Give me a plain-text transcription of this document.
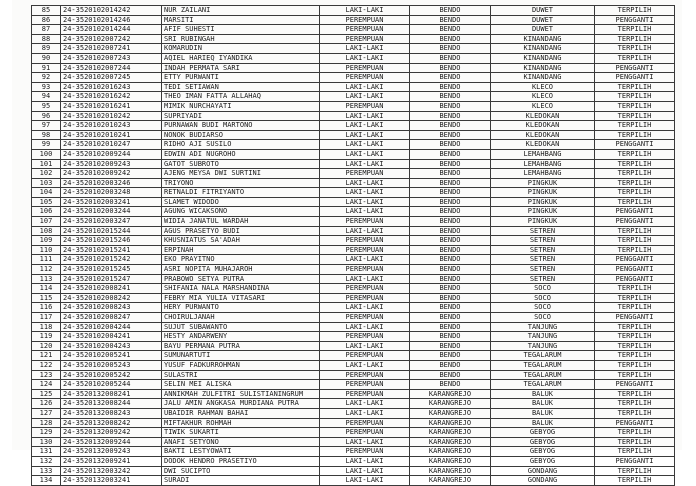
85	24-3520102014242	NUR ZAILANI	LAKI-LAKI	BENDO	DUWET	TERPILIH
86	24-3520102014246	MARSITI	PEREMPUAN	BENDO	DUWET	PENGGANTI
87	24-3520102014244	AFIF SUHESTI	PEREMPUAN	BENDO	DUWET	TERPILIH
88	24-3520102007242	SRI RUBINGAH	PEREMPUAN	BENDO	KINANDANG	TERPILIH
89	24-3520102007241	KOMARUDIN	LAKI-LAKI	BENDO	KINANDANG	TERPILIH
90	24-3520102007243	AQIEL HARIEQ IYANDIKA	LAKI-LAKI	BENDO	KINANDANG	TERPILIH
91	24-3520102007244	INDAH PERMATA SARI	PEREMPUAN	BENDO	KINANDANG	PENGGANTI
92	24-3520102007245	ETTY PURWANTI	PEREMPUAN	BENDO	KINANDANG	PENGGANTI
93	24-3520102016243	TEDI SETIAWAN	LAKI-LAKI	BENDO	KLECO	TERPILIH
94	24-3520102016242	THEO IMAN FATTA ALLAHAQ	LAKI-LAKI	BENDO	KLECO	TERPILIH
95	24-3520102016241	MIMIK NURCHAYATI	PEREMPUAN	BENDO	KLECO	TERPILIH
96	24-3520102010242	SUPRIYADI	LAKI-LAKI	BENDO	KLEDOKAN	TERPILIH
97	24-3520102010243	PURNAWAN BUDI MARTONO	LAKI-LAKI	BENDO	KLEDOKAN	TERPILIH
98	24-3520102010241	NONOK BUDIARSO	LAKI-LAKI	BENDO	KLEDOKAN	TERPILIH
99	24-3520102010247	RIDHO AJI SUSILO	LAKI-LAKI	BENDO	KLEDOKAN	PENGGANTI
100	24-3520102009244	EDWIN ADI NUGROHO	LAKI-LAKI	BENDO	LEMAHBANG	TERPILIH
101	24-3520102009243	GATOT SUBROTO	LAKI-LAKI	BENDO	LEMAHBANG	TERPILIH
102	24-3520102009242	AJENG MEYSA DWI SURTINI	PEREMPUAN	BENDO	LEMAHBANG	TERPILIH
103	24-3520102003246	TRIYONO	LAKI-LAKI	BENDO	PINGKUK	TERPILIH
104	24-3520102003248	RETNALDI FITRIYANTO	LAKI-LAKI	BENDO	PINGKUK	TERPILIH
105	24-3520102003241	SLAMET WIDODO	LAKI-LAKI	BENDO	PINGKUK	TERPILIH
106	24-3520102003244	AGUNG WICAKSONO	LAKI-LAKI	BENDO	PINGKUK	PENGGANTI
107	24-3520102003247	WIDIA JANATUL WARDAH	PEREMPUAN	BENDO	PINGKUK	PENGGANTI
108	24-3520102015244	AGUS PRASETYO BUDI	LAKI-LAKI	BENDO	SETREN	TERPILIH
109	24-3520102015246	KHUSNIATUS SA'ADAH	PEREMPUAN	BENDO	SETREN	TERPILIH
110	24-3520102015241	ERPINAH	PEREMPUAN	BENDO	SETREN	TERPILIH
111	24-3520102015242	EKO PRAYITNO	LAKI-LAKI	BENDO	SETREN	PENGGANTI
112	24-3520102015245	ASRI NOPITA MUHAJAROH	PEREMPUAN	BENDO	SETREN	PENGGANTI
113	24-3520102015247	PRABOWO SETYA PUTRA	LAKI-LAKI	BENDO	SETREN	PENGGANTI
114	24-3520102008241	SHIFANIA NALA MARSHANDINA	PEREMPUAN	BENDO	SOCO	TERPILIH
115	24-3520102008242	FEBRY MIA YULIA VITASARI	PEREMPUAN	BENDO	SOCO	TERPILIH
116	24-3520102008243	HERY PURWANTO	LAKI-LAKI	BENDO	SOCO	TERPILIH
117	24-3520102008247	CHOIRULJANAH	PEREMPUAN	BENDO	SOCO	PENGGANTI
118	24-3520102004244	SUJUT SUBAWANTO	LAKI-LAKI	BENDO	TANJUNG	TERPILIH
119	24-3520102004241	HESTY ANDARWENY	PEREMPUAN	BENDO	TANJUNG	TERPILIH
120	24-3520102004243	BAYU PERMANA PUTRA	LAKI-LAKI	BENDO	TANJUNG	TERPILIH
121	24-3520102005241	SUMUNARTUTI	PEREMPUAN	BENDO	TEGALARUM	TERPILIH
122	24-3520102005243	YUSUF FADKURROHMAN	LAKI-LAKI	BENDO	TEGALARUM	TERPILIH
123	24-3520102005242	SULASTRI	PEREMPUAN	BENDO	TEGALARUM	TERPILIH
124	24-3520102005244	SELIN MEI ALISKA	PEREMPUAN	BENDO	TEGALARUM	PENGGANTI
125	24-3520132008241	ANNIKMAH ZULFITRI SULISTIANINGRUM	PEREMPUAN	KARANGREJO	BALUK	TERPILIH
126	24-3520132008244	JALU AMIN ANGKASA MURDIANA PUTRA	LAKI-LAKI	KARANGREJO	BALUK	TERPILIH
127	24-3520132008243	UBAIDIR RAHMAN BAHAI	LAKI-LAKI	KARANGREJO	BALUK	TERPILIH
128	24-3520132008242	MIFTAKHUR ROHMAH	PEREMPUAN	KARANGREJO	BALUK	PENGGANTI
129	24-3520132009242	TIWIK SUKARTI	PEREMPUAN	KARANGREJO	GEBYOG	TERPILIH
130	24-3520132009244	ANAFI SETYONO	LAKI-LAKI	KARANGREJO	GEBYOG	TERPILIH
131	24-3520132009243	BAKTI LESTYOWATI	PEREMPUAN	KARANGREJO	GEBYOG	TERPILIH
132	24-3520132009241	DODOK HENDRO PRASETIYO	LAKI-LAKI	KARANGREJO	GEBYOG	PENGGANTI
133	24-3520132003242	DWI SUCIPTO	LAKI-LAKI	KARANGREJO	GONDANG	TERPILIH
134	24-3520132003241	SURADI	LAKI-LAKI	KARANGREJO	GONDANG	TERPILIH
